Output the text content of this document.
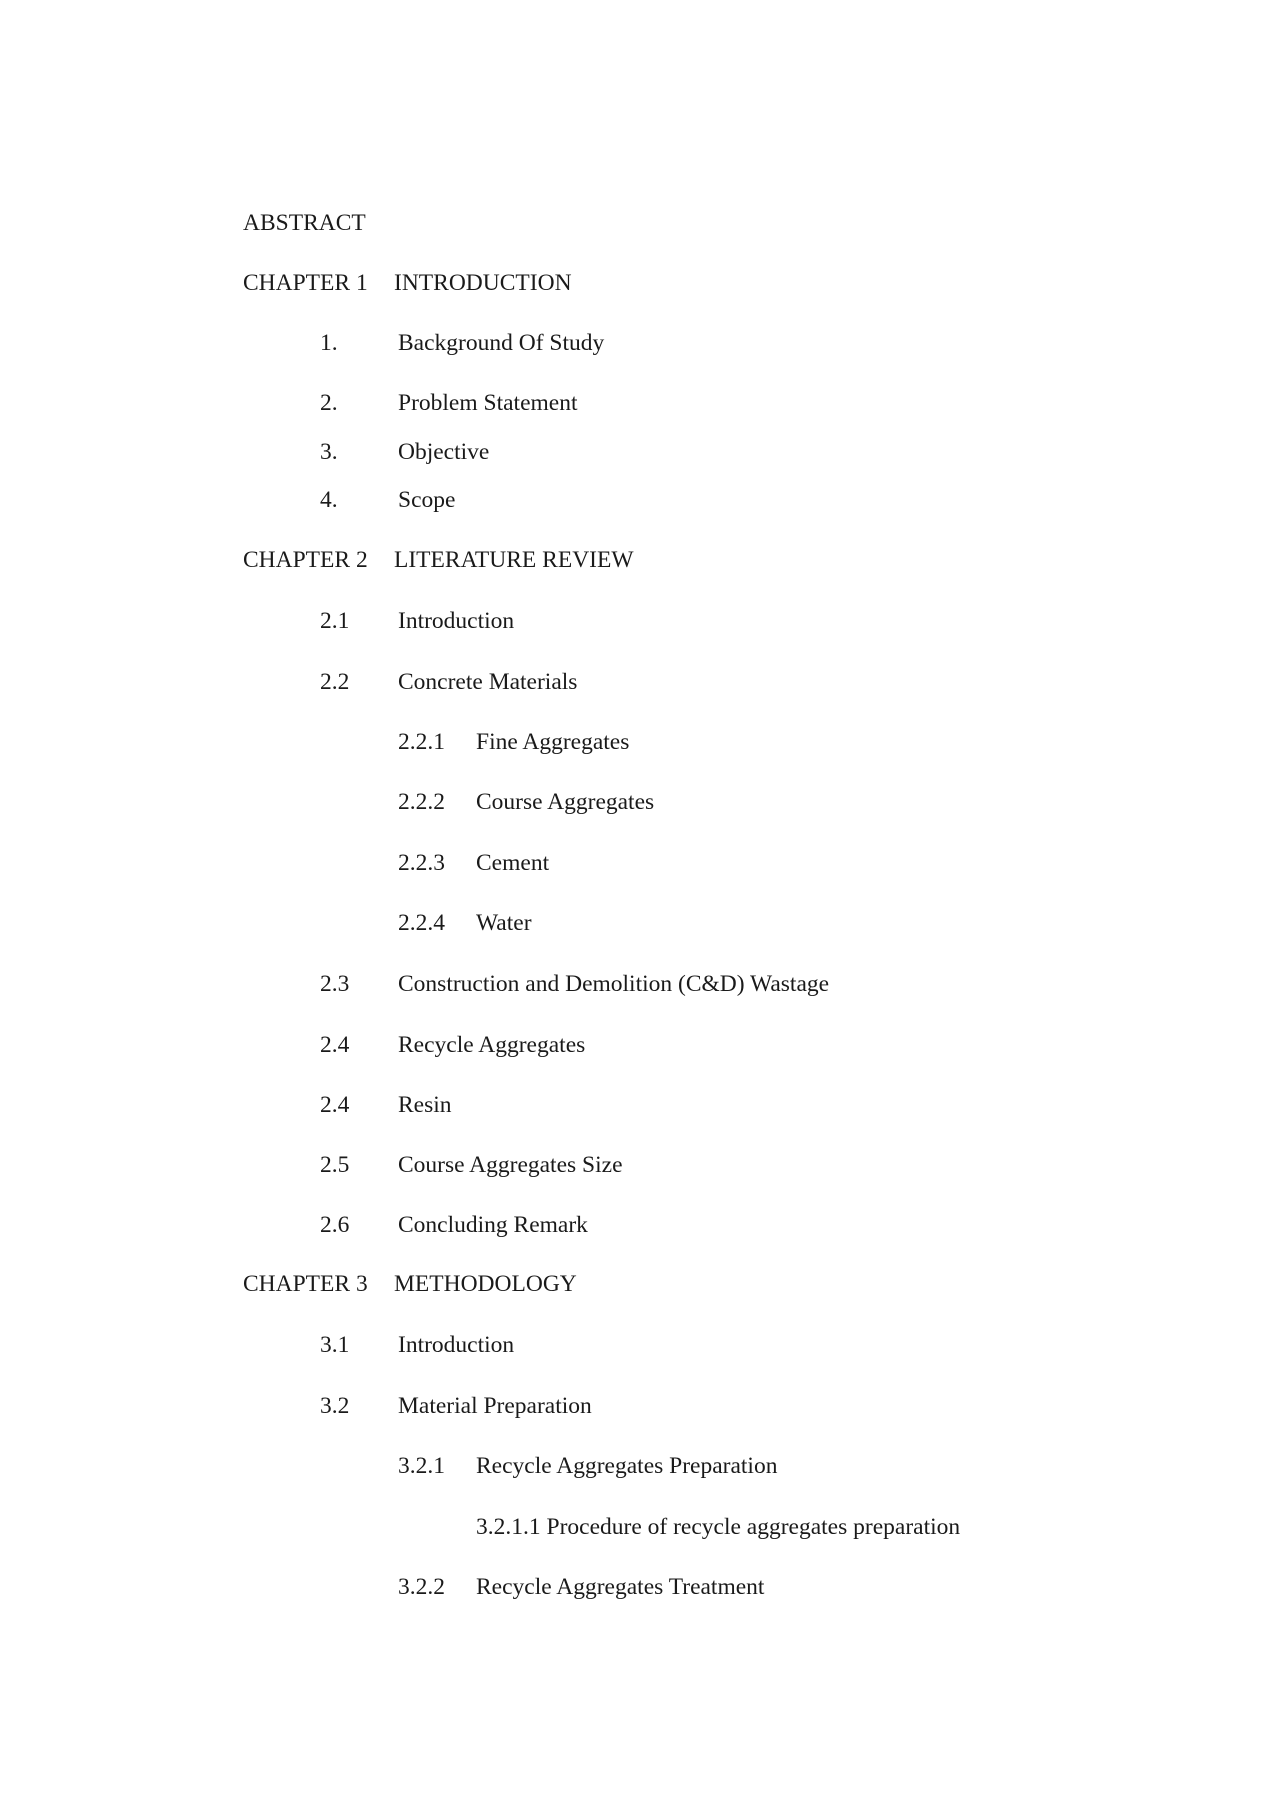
ABSTRACT
CHAPTER 1 INTRODUCTION
1.	Background Of Study
2.	Problem Statement
3.	Objective
4.	Scope
CHAPTER 2 LITERATURE REVIEW
2.1 Introduction
2.2 Concrete Materials
2.2.1 Fine Aggregates
2.2.2 Course Aggregates
2.2.3 Cement
2.2.4 Water
2.3 Construction and Demolition (C&D) Wastage
2.4 Recycle Aggregates
2.4 Resin
2.5 Course Aggregates Size
2.6 Concluding Remark
CHAPTER 3 METHODOLOGY
3.1 Introduction
3.2 Material Preparation
3.2.1 Recycle Aggregates Preparation
3.2.1.1 Procedure of recycle aggregates preparation
3.2.2 Recycle Aggregates Treatment
